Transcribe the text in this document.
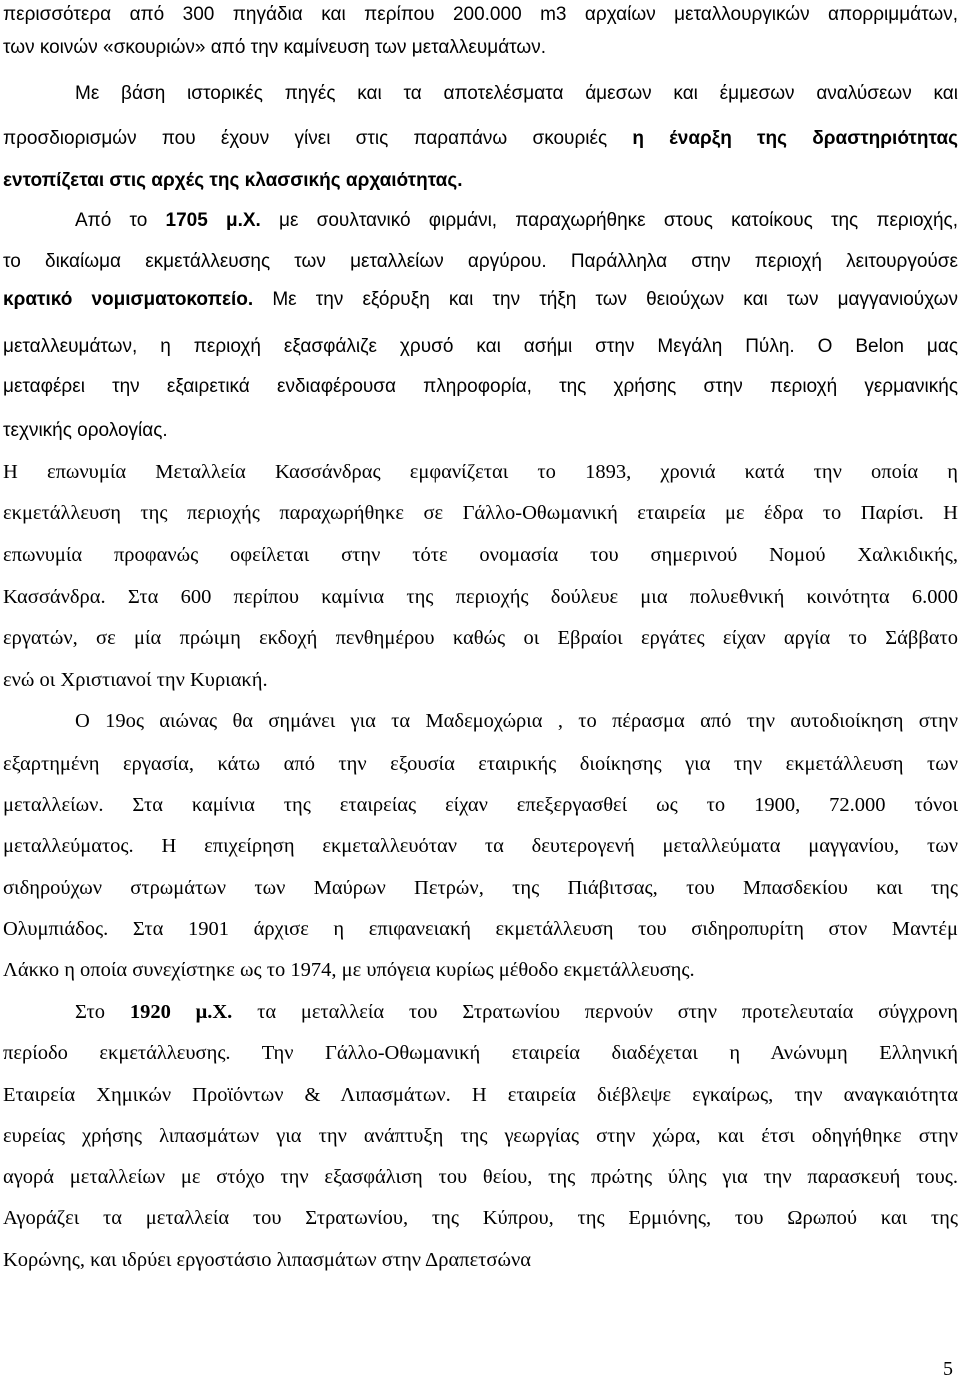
περισσότερα από 300 πηγάδια και περίπου 200.000 m3 αρχαίων μεταλλουργικών απορριμμάτων,
των κοινών «σκουριών» από την καμίνευση των μεταλλευμάτων.
Με βάση ιστορικές πηγές και τα αποτελέσματα άμεσων και έμμεσων αναλύσεων και
προσδιορισμών που έχουν γίνει στις παραπάνω σκουριές η έναρξη της δραστηριότητας
εντοπίζεται στις αρχές της κλασσικής αρχαιότητας.
Από το 1705 μ.Χ. με σουλτανικό φιρμάνι, παραχωρήθηκε στους κατοίκους της περιοχής,
το δικαίωμα εκμετάλλευσης των μεταλλείων αργύρου. Παράλληλα στην περιοχή λειτουργούσε
κρατικό νομισματοκοπείο. Με την εξόρυξη και την τήξη των θειούχων και των μαγγανιούχων
μεταλλευμάτων, η περιοχή εξασφάλιζε χρυσό και ασήμι στην Μεγάλη Πύλη. Ο Belon μας
μεταφέρει την εξαιρετικά ενδιαφέρουσα πληροφορία, της χρήσης στην περιοχή γερμανικής
τεχνικής ορολογίας.
Η επωνυμία Μεταλλεία Κασσάνδρας εμφανίζεται το 1893, χρονιά κατά την οποία η
εκμετάλλευση της περιοχής παραχωρήθηκε σε Γάλλο-Οθωμανική εταιρεία με έδρα το Παρίσι. Η
επωνυμία προφανώς οφείλεται στην τότε ονομασία του σημερινού Νομού Χαλκιδικής,
Κασσάνδρα. Στα 600 περίπου καμίνια της περιοχής δούλευε μια πολυεθνική κοινότητα 6.000
εργατών, σε μία πρώιμη εκδοχή πενθημέρου καθώς οι Εβραίοι εργάτες είχαν αργία το Σάββατο
ενώ οι Χριστιανοί την Κυριακή.
Ο 19ος αιώνας θα σημάνει για τα Μαδεμοχώρια , το πέρασμα από την αυτοδιοίκηση στην
εξαρτημένη εργασία, κάτω από την εξουσία εταιρικής διοίκησης για την εκμετάλλευση των
μεταλλείων. Στα καμίνια της εταιρείας είχαν επεξεργασθεί ως το 1900, 72.000 τόνοι
μεταλλεύματος. Η επιχείρηση εκμεταλλευόταν τα δευτερογενή μεταλλεύματα μαγγανίου, των
σιδηρούχων στρωμάτων των Μαύρων Πετρών, της Πιάβιτσας, του Μπασδεκίου και της
Ολυμπιάδος. Στα 1901 άρχισε η επιφανειακή εκμετάλλευση του σιδηροπυρίτη στον Μαντέμ
Λάκκο η οποία συνεχίστηκε ως το 1974, με υπόγεια κυρίως μέθοδο εκμετάλλευσης.
Στο 1920 μ.Χ. τα μεταλλεία του Στρατωνίου περνούν στην προτελευταία σύγχρονη
περίοδο εκμετάλλευσης. Την Γάλλο-Οθωμανική εταιρεία διαδέχεται η Ανώνυμη Ελληνική
Εταιρεία Χημικών Προϊόντων & Λιπασμάτων. Η εταιρεία διέβλεψε εγκαίρως, την αναγκαιότητα
ευρείας χρήσης λιπασμάτων για την ανάπτυξη της γεωργίας στην χώρα, και έτσι οδηγήθηκε στην
αγορά μεταλλείων με στόχο την εξασφάλιση του θείου, της πρώτης ύλης για την παρασκευή τους.
Αγοράζει τα μεταλλεία του Στρατωνίου, της Κύπρου, της Ερμιόνης, του Ωρωπού και της
Κορώνης, και ιδρύει εργοστάσιο λιπασμάτων στην Δραπετσώνα
5
